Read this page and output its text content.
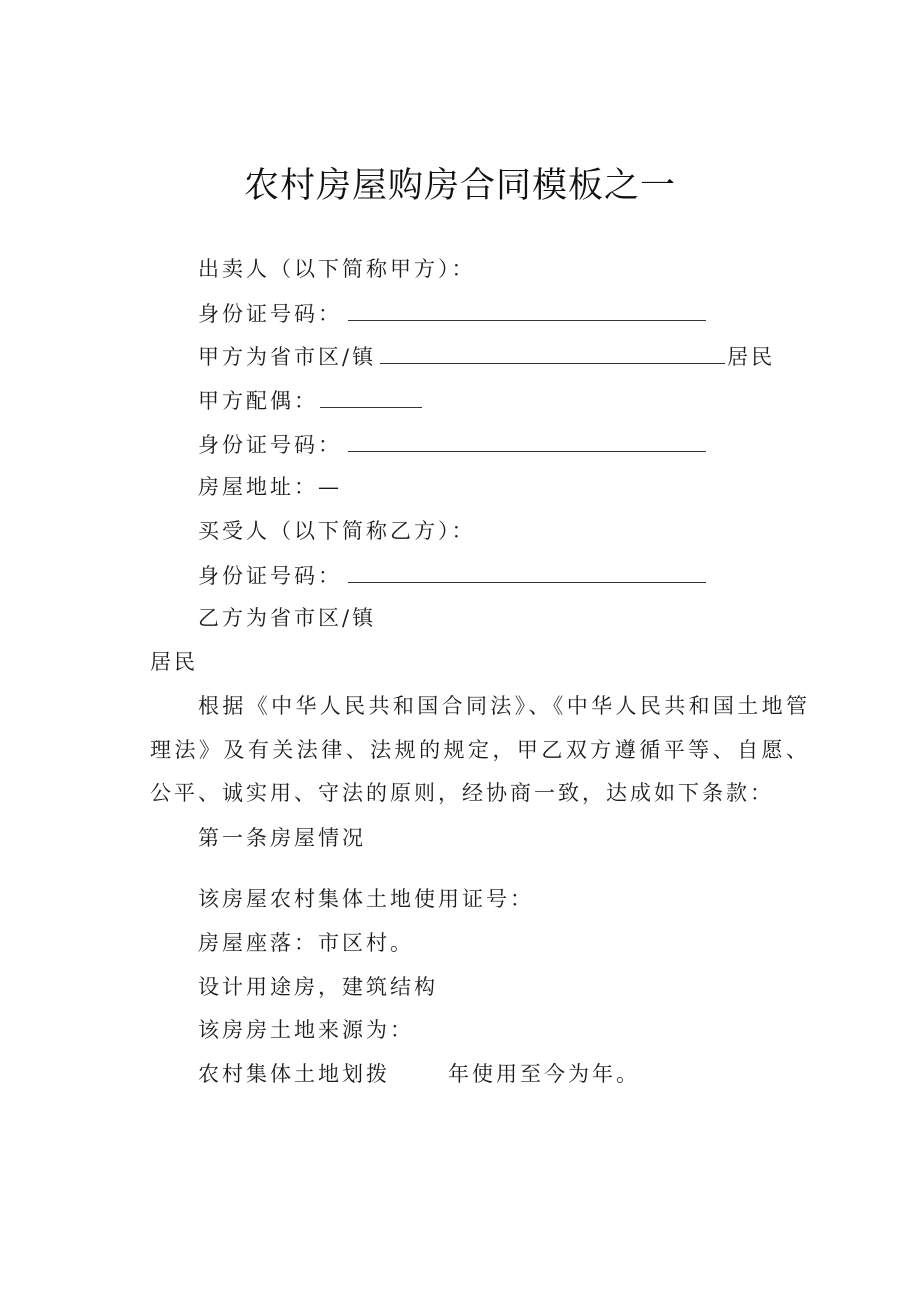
农村房屋购房合同模板之一
出卖人（以下简称甲方）：
身份证号码：
甲方为省市区/镇	居民
甲方配偶：
身份证号码：
房屋地址：—
买受人（以下简称乙方）：
身份证号码：
乙方为省市区/镇
居民
根据《中华人民共和国合同法》、《中华人民共和国土地管理法》及有关法律、法规的规定，甲乙双方遵循平等、自愿、公平、诚实用、守法的原则，经协商一致，达成如下条款：
第一条房屋情况
该房屋农村集体土地使用证号：
房屋座落：市区村。
设计用途房，建筑结构
该房房土地来源为：
农村集体土地划拨	年使用至今为年。
